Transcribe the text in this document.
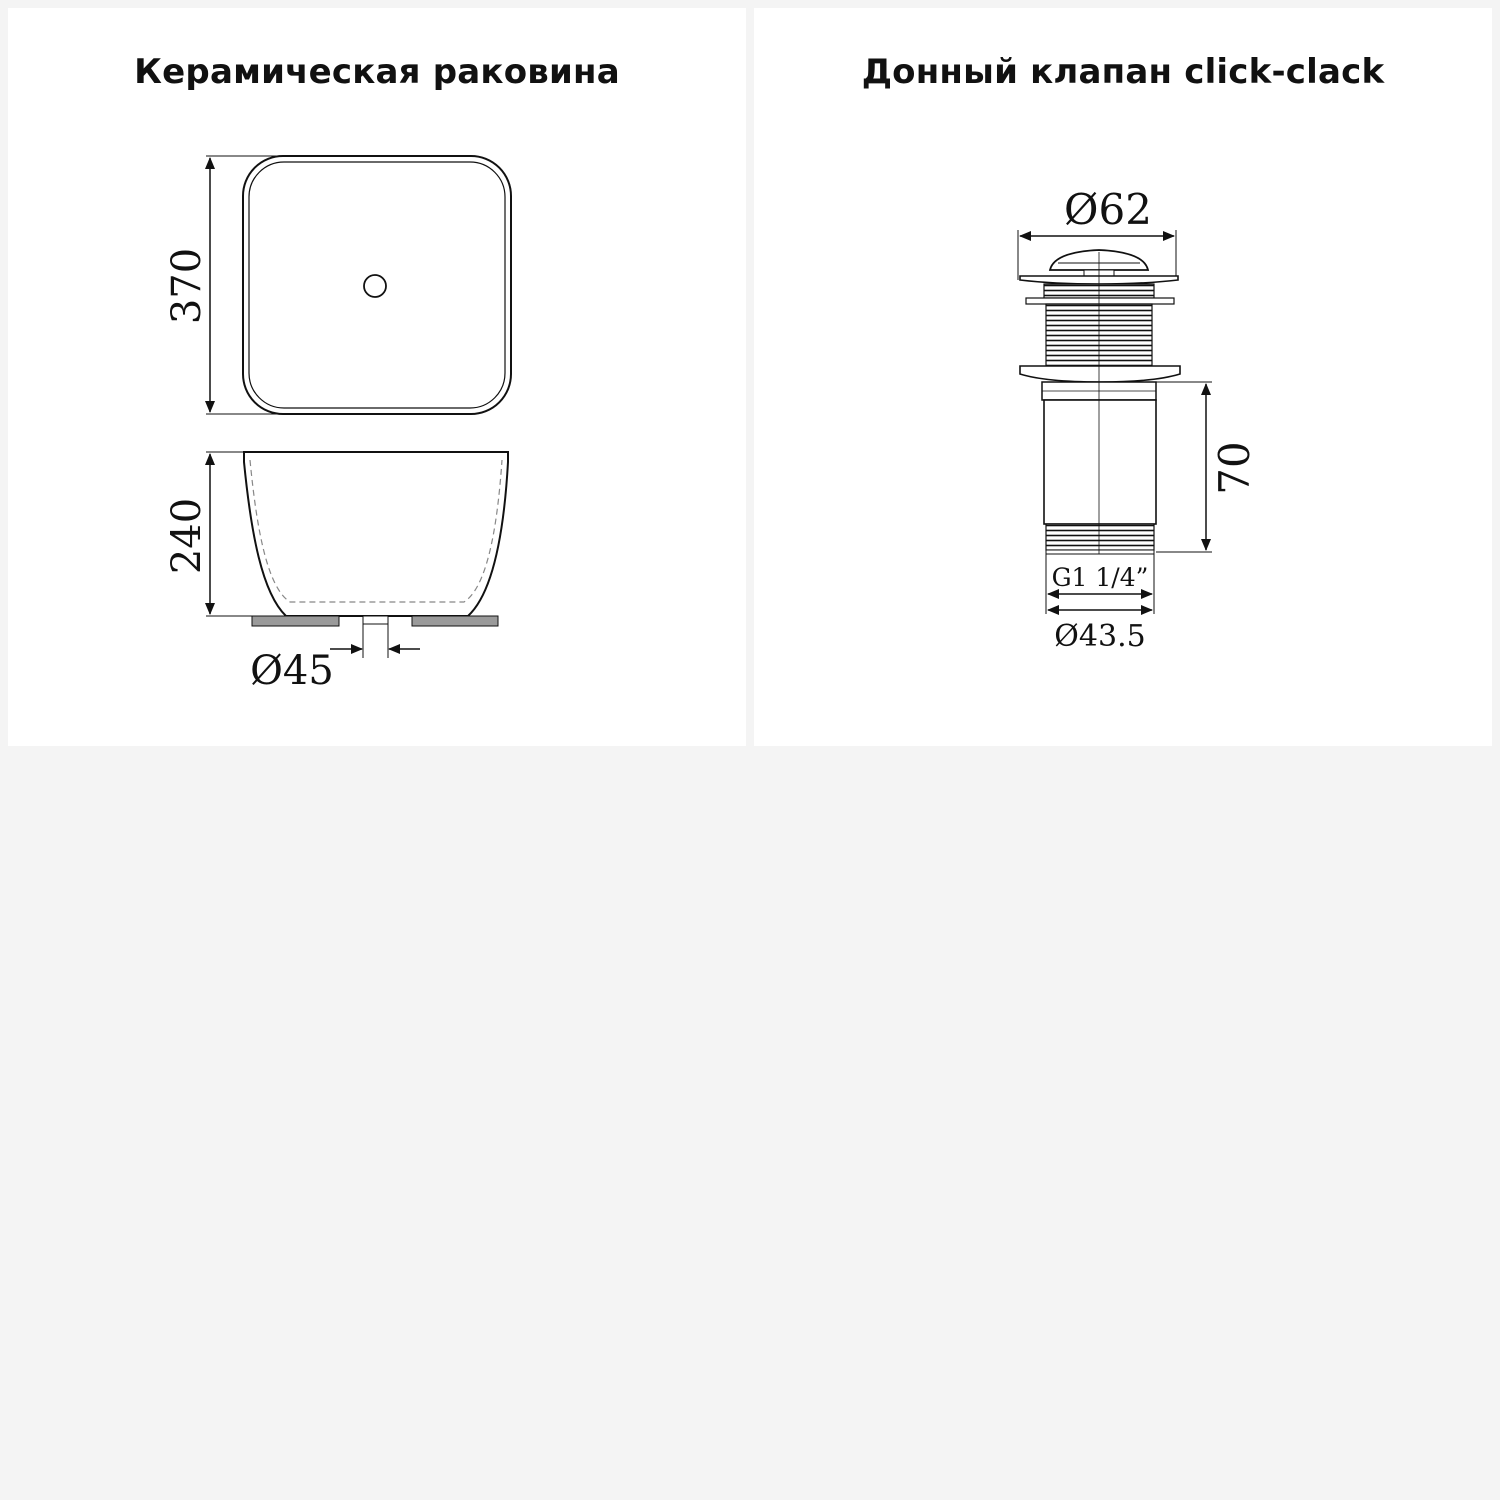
Керамическая раковина
370
240
Ø45
Донный клапан click-clack
Ø62
70
G1 1/4”
Ø43.5
